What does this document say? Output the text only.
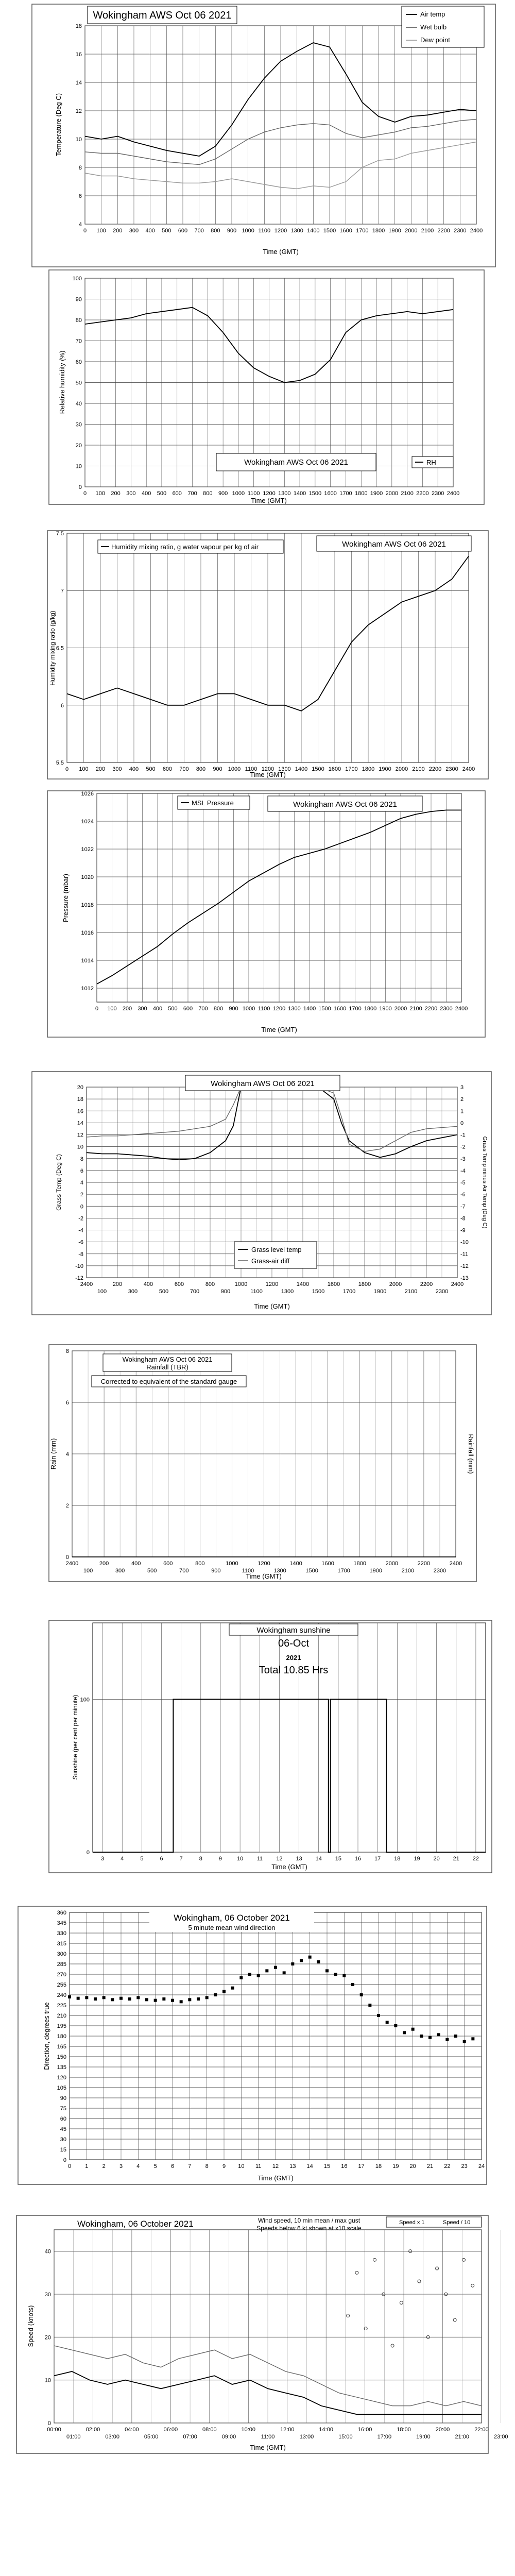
4
6
8
10
12
14
16
18
0 100 200 300 400 500 600 700 800 900 1000 1100 1200 1300 1400 1500 1600 1700 1800 1900 2000 2100 2200 2300 2400
Wokingham AWS Oct 06 2021	Air temp
Wet bulb
Dew point
Time (GMT)
Temperature (Deg C)
0
10
20
30
40
50
60
70
80
90
100
0 100 200 300 400 500 600 700 800 900 1000 1100 1200 1300 1400 1500 1600 1700 1800 1900 2000 2100 2200 2300 2400
Wokingham AWS Oct 06 2021	RH
Time (GMT)
Relative humidity (%)
5.5
6
6.5
7
7.5
0 100 200 300 400 500 600 700 800 900 1000 1100 1200 1300 1400 1500 1600 1700 1800 1900 2000 2100 2200 2300 2400
Humidity mixing ratio, g water vapour per kg of air	Wokingham AWS Oct 06 2021
Time (GMT)
Humidity mixing ratio (g/kg)
1012
1014
1016
1018
1020
1022
1024
1026
0 100 200 300 400 500 600 700 800 900 1000 1100 1200 1300 1400 1500 1600 1700 1800 1900 2000 2100 2200 2300 2400
MSL Pressure	Wokingham AWS Oct 06 2021
Time (GMT)
Pressure (mbar)
-12
-10
-8
-6
-4
-2
0
2
4
6
8
10
12
14
16
18
20
-13
-12
-11
-10
-9
-8
-7
-6
-5
-4
-3
-2
-1
0
1
2
3
2400	200	400	600	800	1000	1200	1400	1600	1800	2000	2200	2400
100	300	500	700	900	1100	1300	1500	1700	1900	2100	2300
Wokingham AWS Oct 06 2021
Grass level temp
Grass-air diff
Time (GMT)
Grass Temp (Deg C)	Grass Temp minus Air Temp (Deg C)
0
2
4
6
8
2400	200	400	600	800	1000	1200	1400	1600	1800	2000	2200	2400
100	300	500	700	900	1100	1300	1500	1700	1900	2100	2300
Wokingham AWS Oct 06 2021
Rainfall (TBR)
Corrected to equivalent of the standard gauge
Time (GMT)
Rain (mm)	Rainfall (mm)
0
100
3	4	5	6	7	8	9	10 11 12 13 14 15 16 17 18 19 20 21 22
Wokingham sunshine
06-Oct
2021
Total 10.85 Hrs
Time (GMT)
Sunshine (per cent per minute)
0
15
30
45
60
75
90
105
120
135
150
165
180
195
210
225
240
255
270
285
300
315
330
345
360
0 1 2 3 4 5 6 7 8 9 10 11 12 13 14 15 16 17 18 19 20 21 22 23 24
Wokingham, 06 October 2021
5 minute mean wind direction
Time (GMT)
Direction, degrees true
0
10
20
30
40
00:00	02:00	04:00	06:00	08:00	10:00	12:00	14:00	16:00	18:00	20:00	22:00
01:00	03:00	05:00	07:00	09:00	11:00	13:00	15:00	17:00	19:00	21:00	23:00
Wokingham, 06 October 2021	Wind speed, 10 min mean / max gust
Speeds below 6 kt shown at x10 scale
Speed x 1	Speed / 10
Time (GMT)
Speed (knots)
